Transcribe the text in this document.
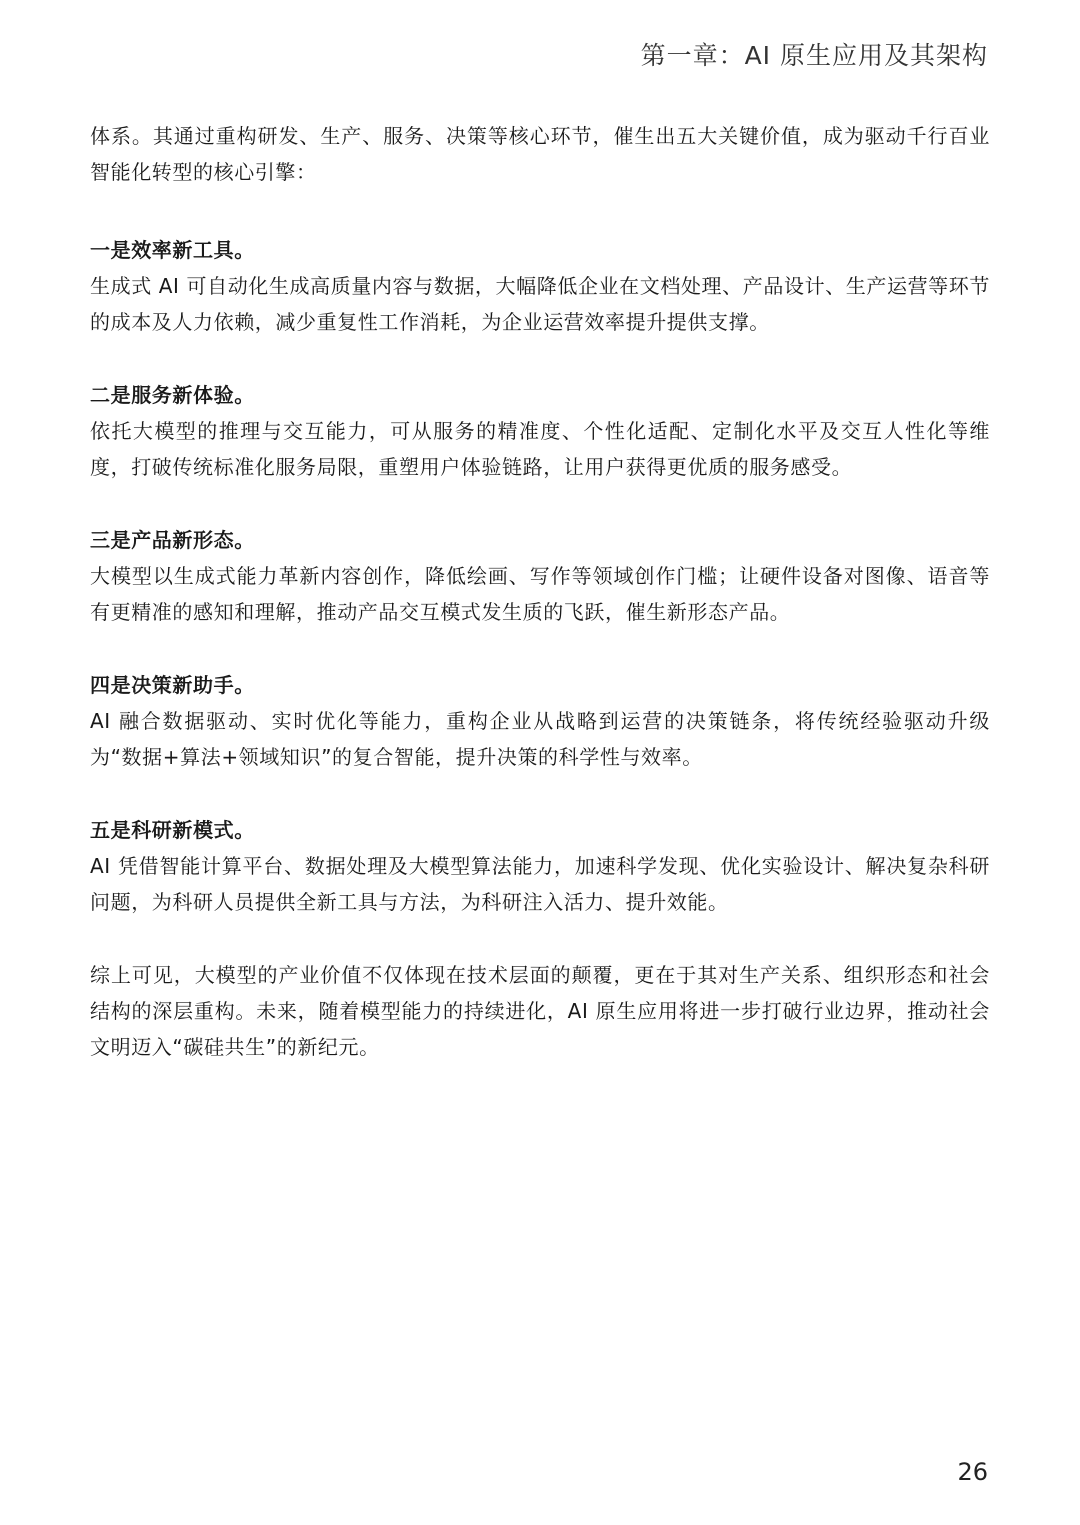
第一章：AI 原生应用及其架构

体系。其通过重构研发、生产、服务、决策等核心环节，催生出五大关键价值，成为驱动千行百业智能化转型的核心引擎：

一是效率新工具。

生成式 AI 可自动化生成高质量内容与数据，大幅降低企业在文档处理、产品设计、生产运营等环节的成本及人力依赖，减少重复性工作消耗，为企业运营效率提升提供支撑。

二是服务新体验。

依托大模型的推理与交互能力，可从服务的精准度、个性化适配、定制化水平及交互人性化等维度，打破传统标准化服务局限，重塑用户体验链路，让用户获得更优质的服务感受。

三是产品新形态。

大模型以生成式能力革新内容创作，降低绘画、写作等领域创作门槛；让硬件设备对图像、语音等有更精准的感知和理解，推动产品交互模式发生质的飞跃，催生新形态产品。

四是决策新助手。

AI 融合数据驱动、实时优化等能力，重构企业从战略到运营的决策链条，将传统经验驱动升级为“数据+算法+领域知识”的复合智能，提升决策的科学性与效率。

五是科研新模式。

AI 凭借智能计算平台、数据处理及大模型算法能力，加速科学发现、优化实验设计、解决复杂科研问题，为科研人员提供全新工具与方法，为科研注入活力、提升效能。

综上可见，大模型的产业价值不仅体现在技术层面的颠覆，更在于其对生产关系、组织形态和社会结构的深层重构。未来，随着模型能力的持续进化，AI 原生应用将进一步打破行业边界，推动社会文明迈入“碳硅共生”的新纪元。

26
